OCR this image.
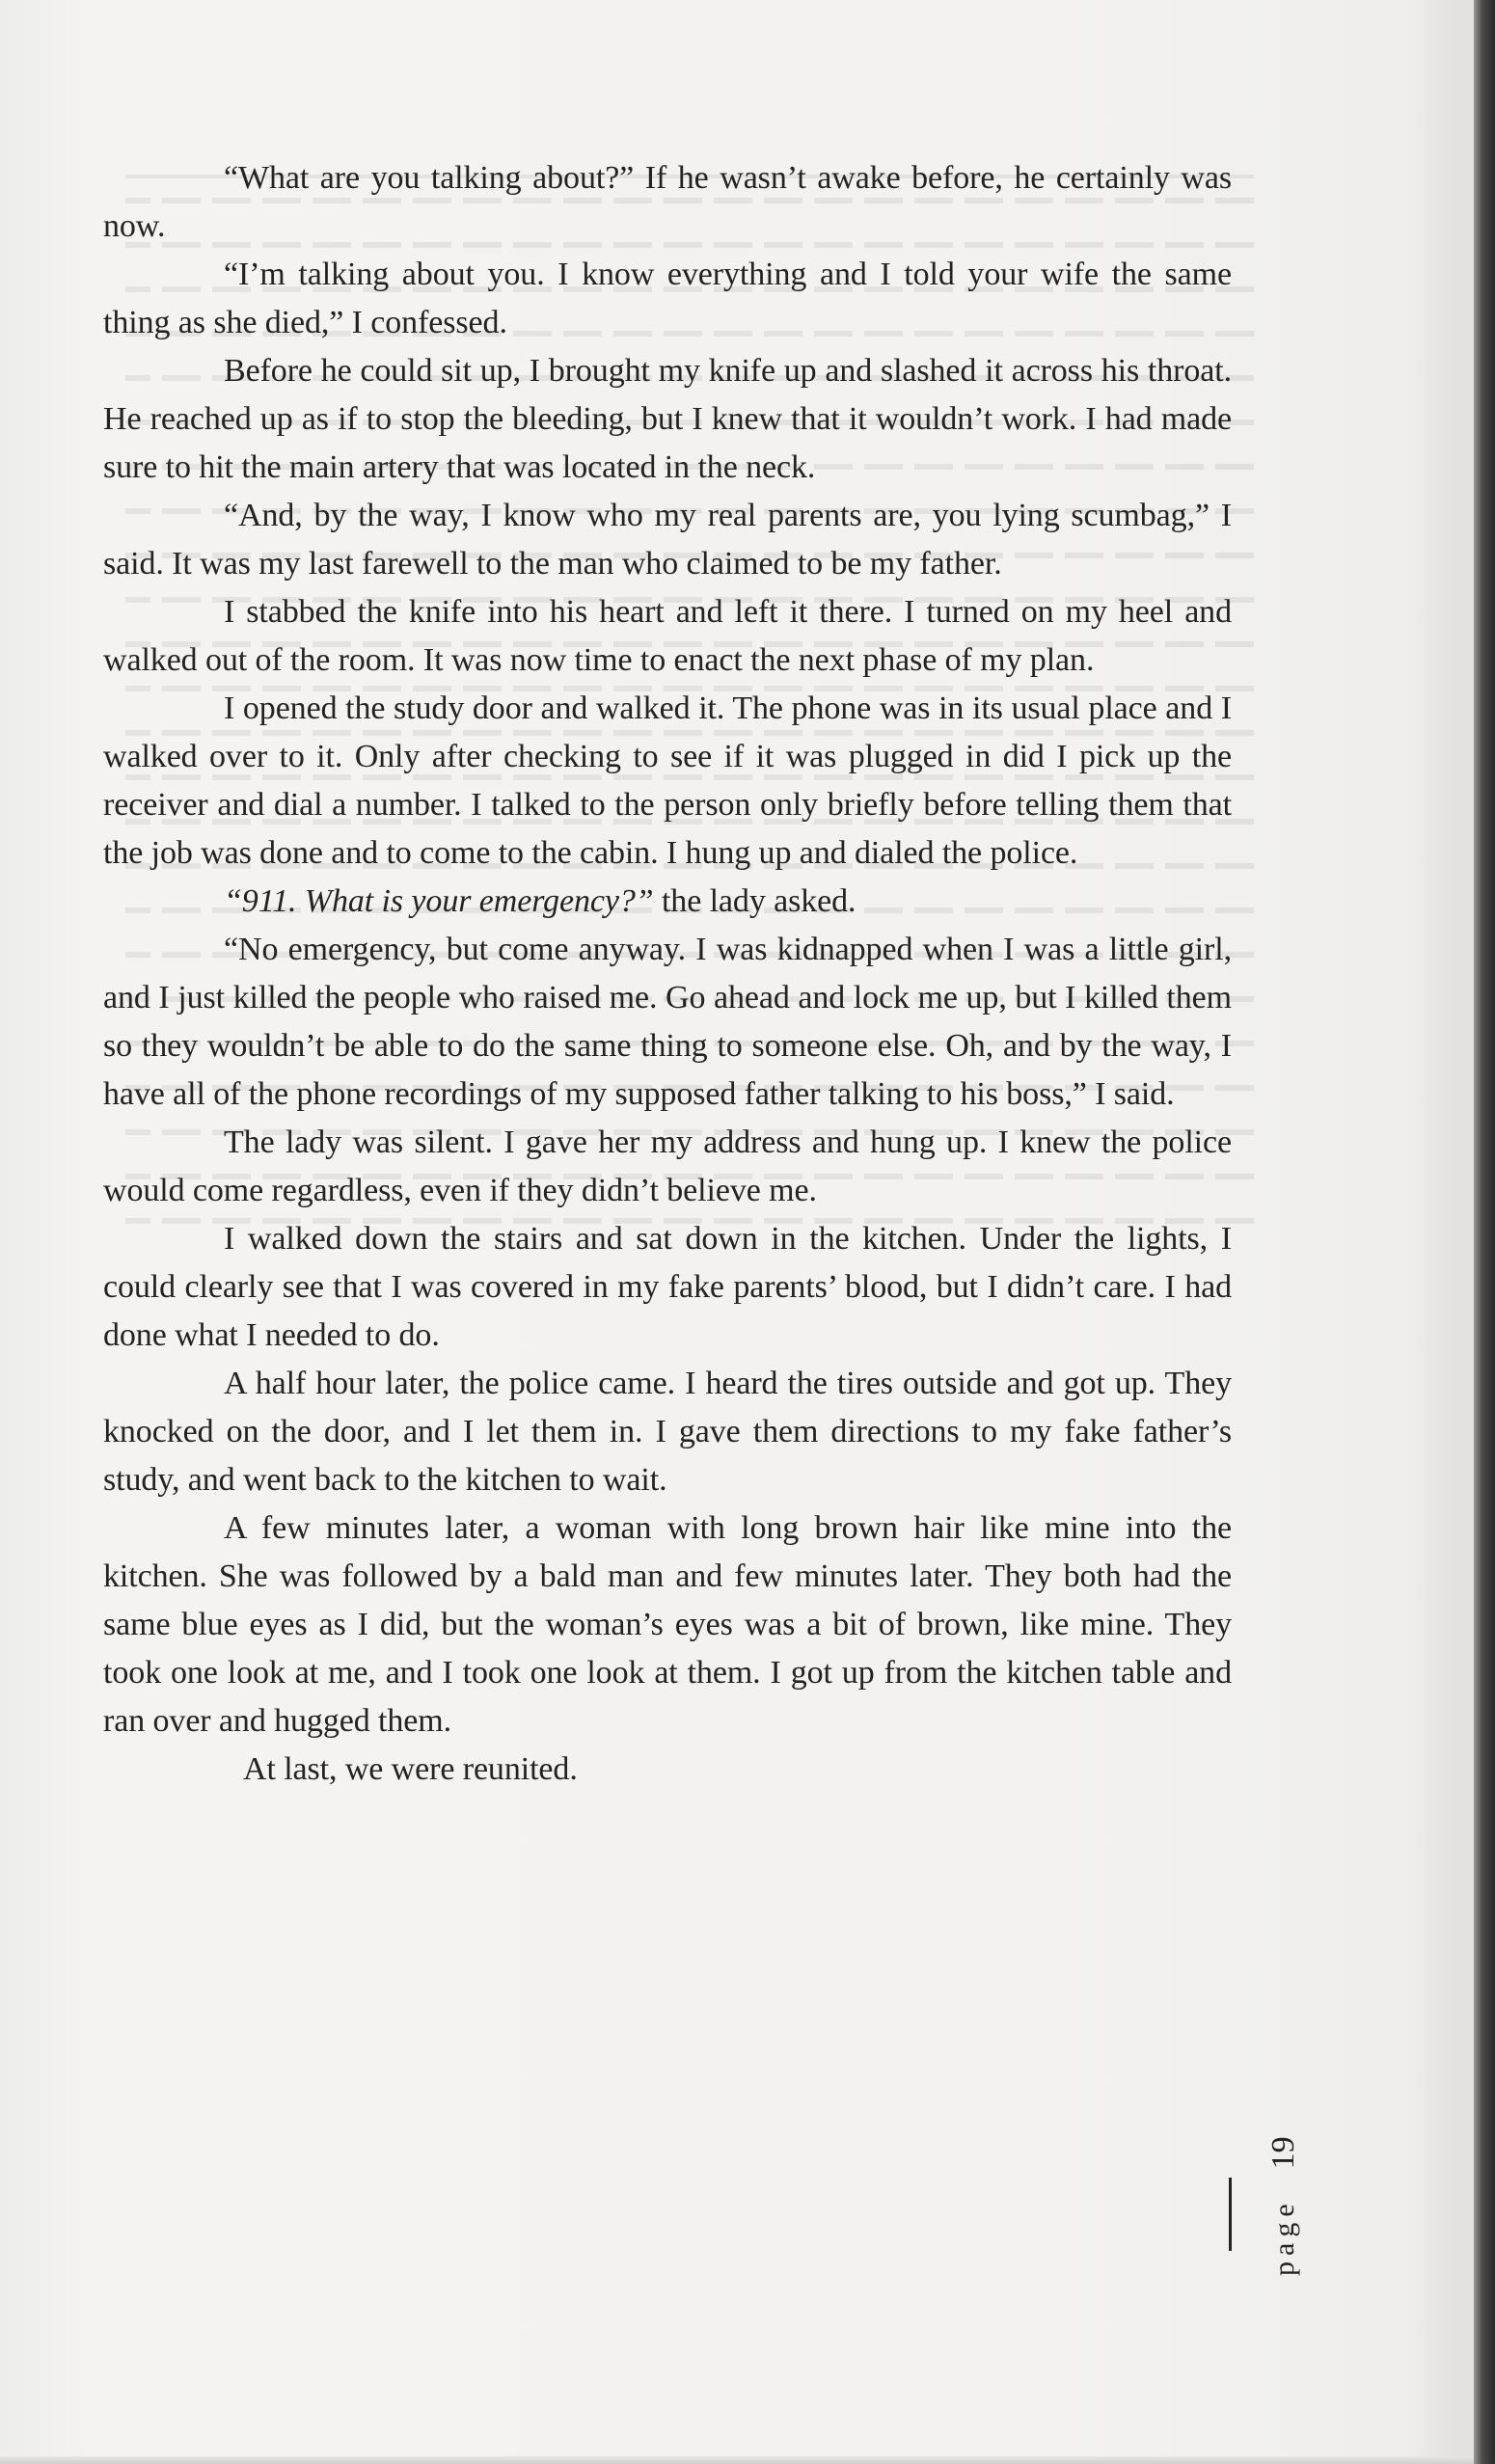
“What are you talking about?” If he wasn’t awake before, he certainly was now.

“I’m talking about you. I know everything and I told your wife the same thing as she died,” I confessed.

Before he could sit up, I brought my knife up and slashed it across his throat. He reached up as if to stop the bleeding, but I knew that it wouldn’t work. I had made sure to hit the main artery that was located in the neck.

“And, by the way, I know who my real parents are, you lying scumbag,” I said. It was my last farewell to the man who claimed to be my father.

I stabbed the knife into his heart and left it there. I turned on my heel and walked out of the room. It was now time to enact the next phase of my plan.

I opened the study door and walked it. The phone was in its usual place and I walked over to it. Only after checking to see if it was plugged in did I pick up the receiver and dial a number. I talked to the person only briefly before telling them that the job was done and to come to the cabin. I hung up and dialed the police.

“911. What is your emergency?” the lady asked.

“No emergency, but come anyway. I was kidnapped when I was a little girl, and I just killed the people who raised me. Go ahead and lock me up, but I killed them so they wouldn’t be able to do the same thing to someone else. Oh, and by the way, I have all of the phone recordings of my supposed father talking to his boss,” I said.

The lady was silent. I gave her my address and hung up. I knew the police would come regardless, even if they didn’t believe me.

I walked down the stairs and sat down in the kitchen. Under the lights, I could clearly see that I was covered in my fake parents’ blood, but I didn’t care. I had done what I needed to do.

A half hour later, the police came. I heard the tires outside and got up. They knocked on the door, and I let them in. I gave them directions to my fake father’s study, and went back to the kitchen to wait.

A few minutes later, a woman with long brown hair like mine into the kitchen. She was followed by a bald man and few minutes later. They both had the same blue eyes as I did, but the woman’s eyes was a bit of brown, like mine. They took one look at me, and I took one look at them. I got up from the kitchen table and ran over and hugged them.

At last, we were reunited.

page  19
